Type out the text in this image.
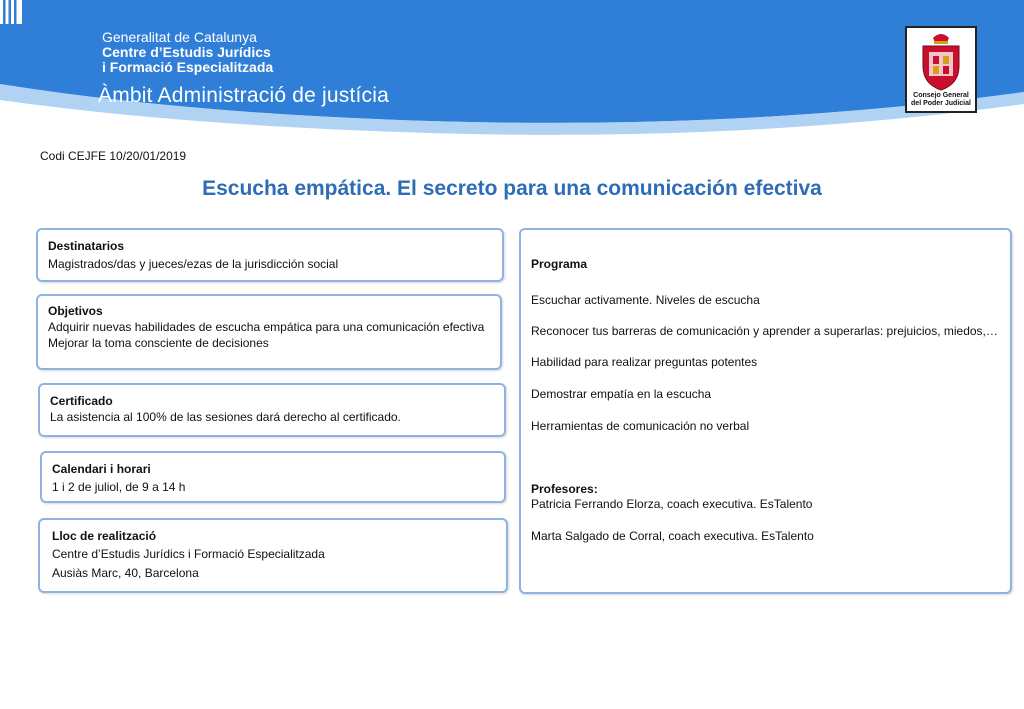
Generalitat de Catalunya
Centre d’Estudis Jurídics
i Formació Especialitzada
Àmbit Administració de justícia	Consejo General
del Poder Judicial
Codi CEJFE 10/20/01/2019
Escucha empática. El secreto para una comunicación efectiva
Destinatarios
Magistrados/das y jueces/ezas de la jurisdicción social
Objetivos
Adquirir nuevas habilidades de escucha empática para una comunicación efectiva
Mejorar la toma consciente de decisiones
Certificado
La asistencia al 100% de las sesiones dará derecho al certificado.
Calendari i horari
1 i 2 de juliol, de 9 a 14 h
Lloc de realització
Centre d’Estudis Jurídics i Formació Especialitzada
Ausiàs Marc, 40, Barcelona
Programa

Escuchar activamente. Niveles de escucha

Reconocer tus barreras de comunicación y aprender a superarlas: prejuicios, miedos,…

Habilidad para realizar preguntas potentes

Demostrar empatía en la escucha

Herramientas de comunicación no verbal

Profesores:

Patricia Ferrando Elorza, coach executiva. EsTalento

Marta Salgado de Corral, coach executiva. EsTalento
